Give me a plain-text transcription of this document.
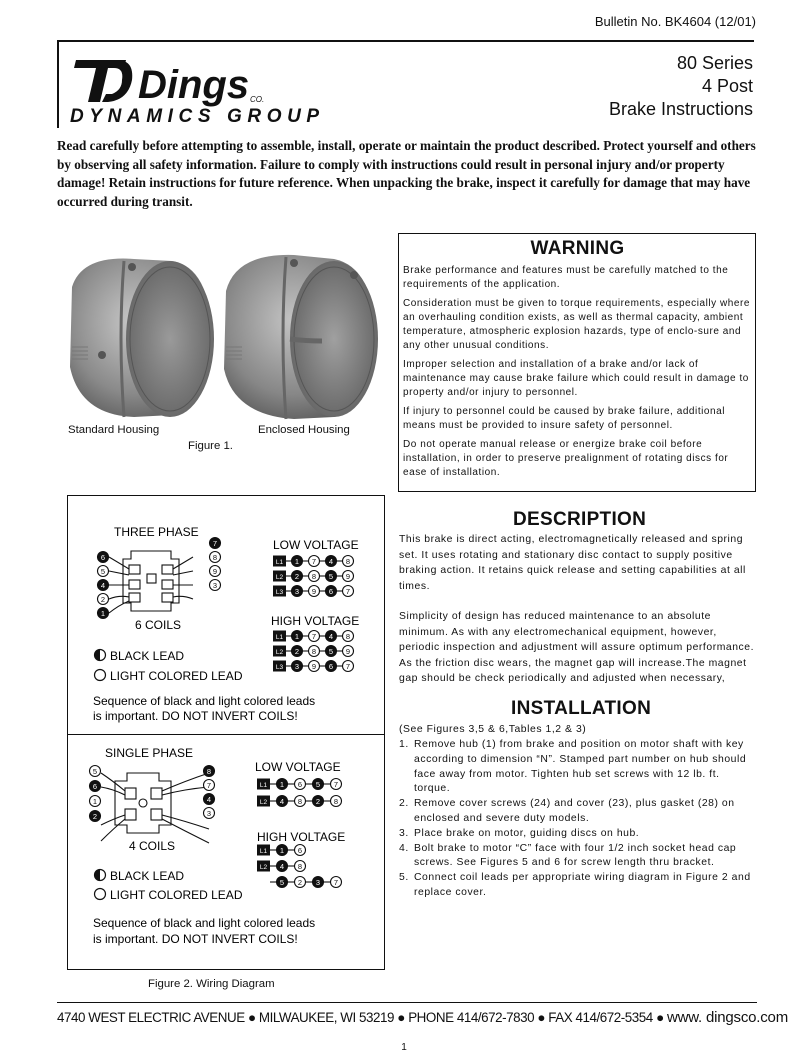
Bulletin No. BK4604 (12/01)
Dings CO.
DYNAMICS GROUP
80 Series
4 Post
Brake Instructions
Read carefully before attempting to assemble, install, operate or maintain the product described. Protect yourself and others by observing all safety information. Failure to comply with instructions could result in personal injury and/or property damage! Retain instructions for future reference. When unpacking the brake, inspect it carefully for damage that may have occurred during transit.
Standard Housing	Enclosed Housing
Figure 1.
WARNING
Brake performance and features must be carefully matched to the requirements of the application.
Consideration must be given to torque requirements, especially where an overhauling condition exists, as well as thermal capacity, ambient temperature, atmospheric explosion hazards, type of enclo-sure and any other unusual conditions.
Improper selection and installation of a brake and/or lack of maintenance may cause brake failure which could result in damage to property and/or injury to personnel.
If injury to personnel could be caused by brake failure, additional means must be provided to insure safety of personnel.
Do not operate manual release or energize brake coil before installation, in order to preserve prealignment of rotating discs for ease of installation.
DESCRIPTION
This brake is direct acting, electromagnetically released and spring set. It uses rotating and stationary disc contact to supply positive braking action. It retains quick release and setting capabilities at all times.
Simplicity of design has reduced maintenance to an absolute minimum. As with any electromechanical equipment, however, periodic inspection and adjustment will assure optimum performance. As the friction disc wears, the magnet gap will increase.The magnet gap should be check periodically and adjusted when necessary,
INSTALLATION
(See Figures 3,5 & 6,Tables 1,2 & 3)
1. Remove hub (1) from brake and position on motor shaft with key according to dimension “N”. Stamped part number on hub should face away from motor. Tighten hub set screws with 12 lb. ft. torque.
2. Remove cover screws (24) and cover (23), plus gasket (28) on enclosed and severe duty models.
3. Place brake on motor, guiding discs on hub.
4. Bolt brake to motor “C” face with four 1/2 inch socket head cap screws. See Figures 5 and 6 for screw length thru bracket.
5. Connect coil leads per appropriate wiring diagram in Figure 2 and replace cover.
THREE PHASE
6
5
4
2
1
7
8
9
3
6 COILS
LOW VOLTAGE
L1 1 7 4 8
L2 2 8 5 9
L3 3 9 6 7
HIGH VOLTAGE
L1 1 7 4 8
L2 2 8 5 9
L3 3 9 6 7
BLACK LEAD
LIGHT COLORED LEAD
Sequence of black and light colored leads
is important. DO NOT INVERT COILS!
SINGLE PHASE
5
6
1
2
8
7
4
3
4 COILS
LOW VOLTAGE
L1 1 6 5 7
L2 4 8 2 8
HIGH VOLTAGE
L1 1 6
L2 4 8
5 2 3 7
BLACK LEAD
LIGHT COLORED LEAD
Sequence of black and light colored leads
is important. DO NOT INVERT COILS!
Figure 2. Wiring Diagram
4740 WEST ELECTRIC AVENUE ● MILWAUKEE, WI 53219 ● PHONE 414/672-7830 ● FAX 414/672-5354 ● www. dingsco.com
1
